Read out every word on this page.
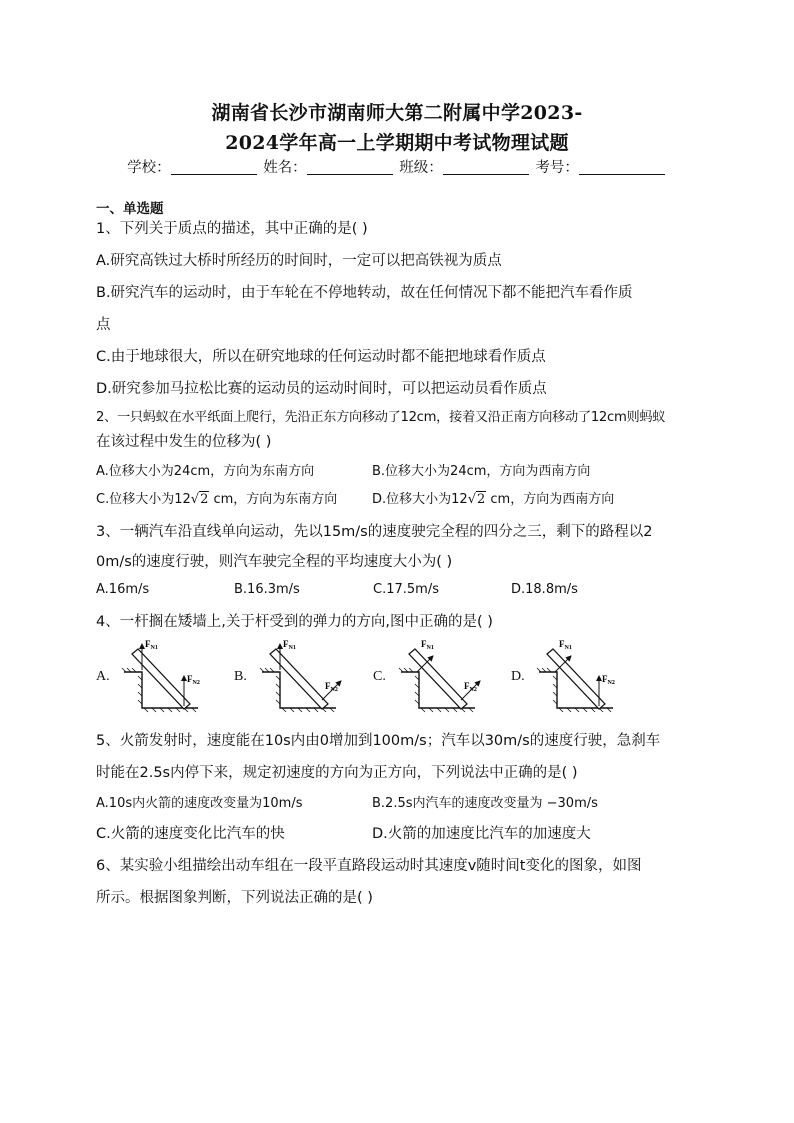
湖南省长沙市湖南师大第二附属中学2023-
2024学年高一上学期期中考试物理试题
学校：	姓名：	班级：	考号：
一、单选题
1、下列关于质点的描述，其中正确的是( )
A.研究高铁过大桥时所经历的时间时，一定可以把高铁视为质点
B.研究汽车的运动时，由于车轮在不停地转动，故在任何情况下都不能把汽车看作质
点
C.由于地球很大，所以在研究地球的任何运动时都不能把地球看作质点
D.研究参加马拉松比赛的运动员的运动时间时，可以把运动员看作质点
2、一只蚂蚁在水平纸面上爬行，先沿正东方向移动了12cm，接着又沿正南方向移动了12cm则蚂蚁
在该过程中发生的位移为( )
A.位移大小为24cm，方向为东南方向	B.位移大小为24cm，方向为西南方向
C.位移大小为12√2 cm，方向为东南方向	D.位移大小为12√2 cm，方向为西南方向
3、一辆汽车沿直线单向运动，先以15m/s的速度驶完全程的四分之三，剩下的路程以2
0m/s的速度行驶，则汽车驶完全程的平均速度大小为( )
A.16m/s	B.16.3m/s	C.17.5m/s	D.18.8m/s
4、一杆搁在矮墙上,关于杆受到的弹力的方向,图中正确的是( )
A.	B.	C.	D.
$F_{N1}$
$F_{N2}$
$F_{N1}$
$F_{N2}$
$F_{N1}$
$F_{N2}$
$F_{N1}$
$F_{N2}$
5、火箭发射时，速度能在10s内由0增加到100m/s；汽车以30m/s的速度行驶，急刹车
时能在2.5s内停下来，规定初速度的方向为正方向，下列说法中正确的是( )
A.10s内火箭的速度改变量为10m/s	B.2.5s内汽车的速度改变量为 −30m/s
C.火箭的速度变化比汽车的快	D.火箭的加速度比汽车的加速度大
6、某实验小组描绘出动车组在一段平直路段运动时其速度v随时间t变化的图象，如图
所示。根据图象判断，下列说法正确的是( )
